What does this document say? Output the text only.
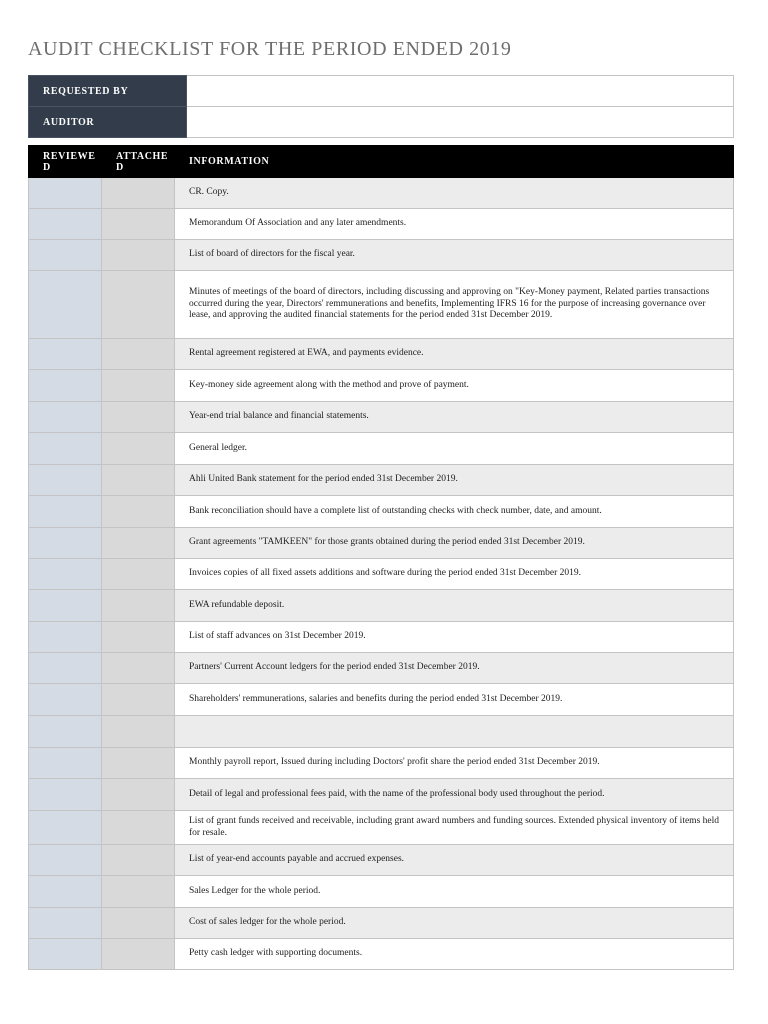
AUDIT CHECKLIST FOR THE PERIOD ENDED 2019
REQUESTED BY	
AUDITOR	
REVIEWED	ATTACHED	INFORMATION
		CR. Copy.
		Memorandum Of Association and any later amendments.
		List of board of directors for the fiscal year.
		Minutes of meetings of the board of directors, including discussing and approving on "Key-Money payment, Related parties transactions occurred during the year, Directors' remmunerations and benefits, Implementing IFRS 16 for the purpose of increasing governance over lease, and approving the audited financial statements for the period ended 31st December 2019.
		Rental agreement registered at EWA, and payments evidence.
		Key-money side agreement along with the method and prove of payment.
		Year-end trial balance and financial statements.
		General ledger.
		Ahli United Bank statement for the period ended 31st December 2019.
		Bank reconciliation should have a complete list of outstanding checks with check number, date, and amount.
		Grant agreements "TAMKEEN" for those grants obtained during the period ended 31st December 2019.
		Invoices copies of all fixed assets additions and software during the period ended 31st December 2019.
		EWA refundable deposit.
		List of staff advances on 31st December 2019.
		Partners' Current Account ledgers for the period ended 31st December 2019.
		Shareholders' remmunerations, salaries and benefits during the period ended 31st December 2019.

		Monthly payroll report, Issued during including Doctors' profit share the period ended 31st December 2019.
		Detail of legal and professional fees paid, with the name of the professional body used throughout the period.
		List of grant funds received and receivable, including grant award numbers and funding sources. Extended physical inventory of items held for resale.
		List of year-end accounts payable and accrued expenses.
		Sales Ledger for the whole period.
		Cost of sales ledger for the whole period.
		Petty cash ledger with supporting documents.
